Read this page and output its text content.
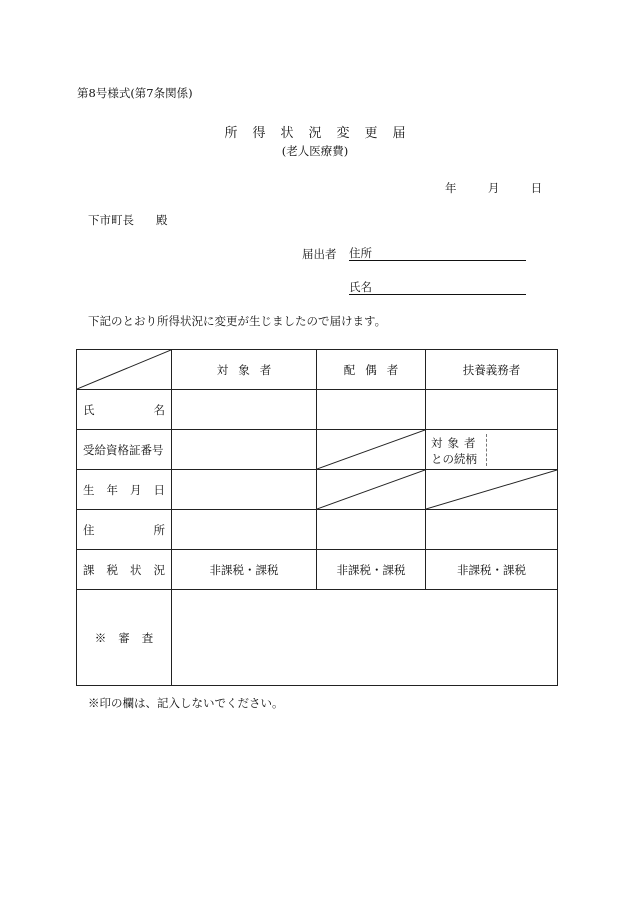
第8号様式(第7条関係)
所得状況変更届
(老人医療費)
年	月	日
下市町長 殿
届出者 住所
氏名
下記のとおり所得状況に変更が生じましたので届けます。
	対象者	配偶者	扶養義務者

氏 名			

受給資格証番号			対象者
との続柄

生 年 月 日

住 所			

課 税 状 況	非課税・課税	非課税・課税	非課税・課税
※審査			
※印の欄は、記入しないでください。
